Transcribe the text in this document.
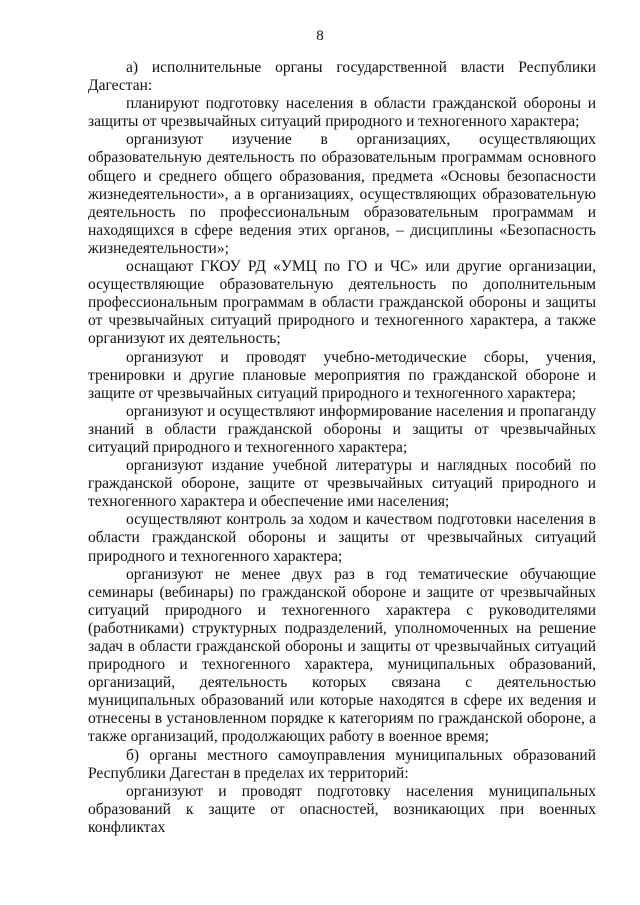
8

а) исполнительные органы государственной власти Республики Дагестан:

планируют подготовку населения в области гражданской обороны и защиты от чрезвычайных ситуаций природного и техногенного характера;

организуют изучение в организациях, осуществляющих образовательную деятельность по образовательным программам основного общего и среднего общего образования, предмета «Основы безопасности жизнедеятельности», а в организациях, осуществляющих образовательную деятельность по профессиональным образовательным программам и находящихся в сфере ведения этих органов, – дисциплины «Безопасность жизнедеятельности»;

оснащают ГКОУ РД «УМЦ по ГО и ЧС» или другие организации, осуществляющие образовательную деятельность по дополнительным профессиональным программам в области гражданской обороны и защиты от чрезвычайных ситуаций природного и техногенного характера, а также организуют их деятельность;

организуют и проводят учебно-методические сборы, учения, тренировки и другие плановые мероприятия по гражданской обороне и защите от чрезвычайных ситуаций природного и техногенного характера;

организуют и осуществляют информирование населения и пропаганду знаний в области гражданской обороны и защиты от чрезвычайных ситуаций природного и техногенного характера;

организуют издание учебной литературы и наглядных пособий по гражданской обороне, защите от чрезвычайных ситуаций природного и техногенного характера и обеспечение ими населения;

осуществляют контроль за ходом и качеством подготовки населения в области гражданской обороны и защиты от чрезвычайных ситуаций природного и техногенного характера;

организуют не менее двух раз в год тематические обучающие семинары (вебинары) по гражданской обороне и защите от чрезвычайных ситуаций природного и техногенного характера с руководителями (работниками) структурных подразделений, уполномоченных на решение задач в области гражданской обороны и защиты от чрезвычайных ситуаций природного и техногенного характера, муниципальных образований, организаций, деятельность которых связана с деятельностью муниципальных образований или которые находятся в сфере их ведения и отнесены в установленном порядке к категориям по гражданской обороне, а также организаций, продолжающих работу в военное время;

б) органы местного самоуправления муниципальных образований Республики Дагестан в пределах их территорий:

организуют и проводят подготовку населения муниципальных образований к защите от опасностей, возникающих при военных конфликтах
